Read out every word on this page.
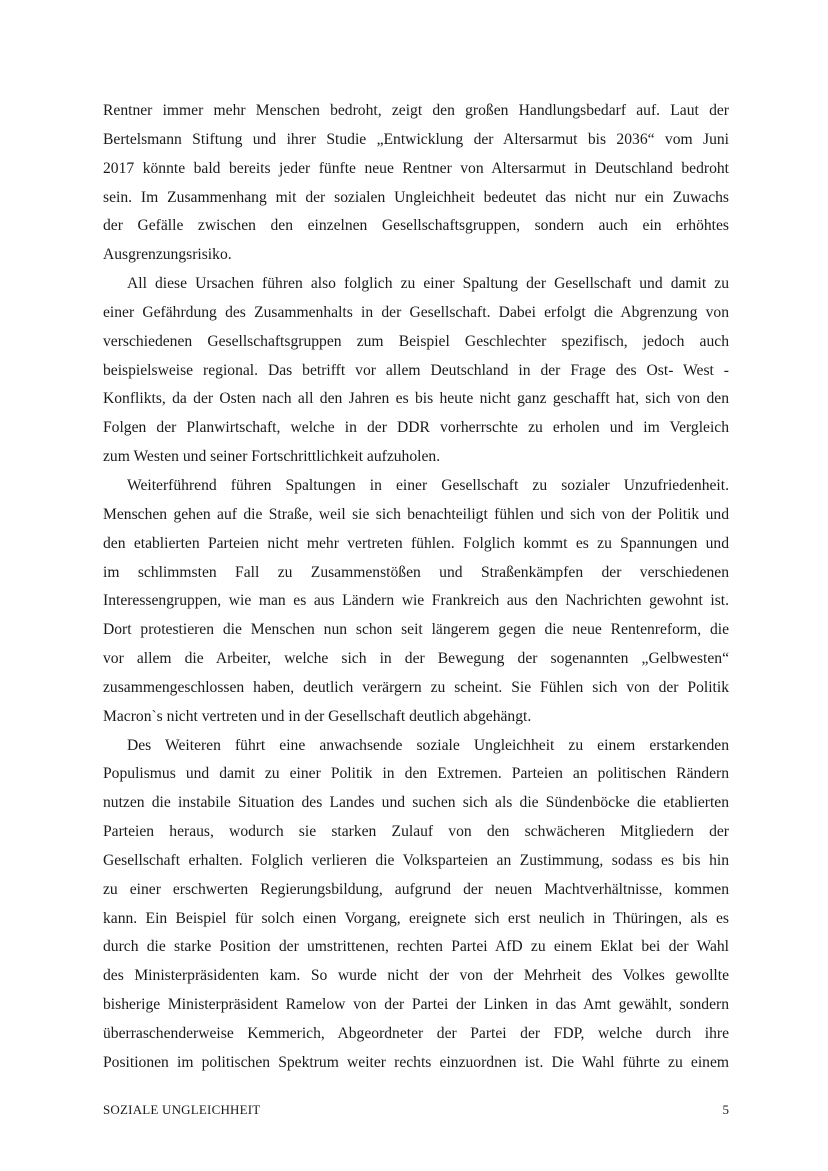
Rentner immer mehr Menschen bedroht, zeigt den großen Handlungsbedarf auf. Laut der
Bertelsmann Stiftung und ihrer Studie „Entwicklung der Altersarmut bis 2036“ vom Juni
2017 könnte bald bereits jeder fünfte neue Rentner von Altersarmut in Deutschland bedroht
sein. Im Zusammenhang mit der sozialen Ungleichheit bedeutet das nicht nur ein Zuwachs
der Gefälle zwischen den einzelnen Gesellschaftsgruppen, sondern auch ein erhöhtes
Ausgrenzungsrisiko.
All diese Ursachen führen also folglich zu einer Spaltung der Gesellschaft und damit zu
einer Gefährdung des Zusammenhalts in der Gesellschaft. Dabei erfolgt die Abgrenzung von
verschiedenen Gesellschaftsgruppen zum Beispiel Geschlechter spezifisch, jedoch auch
beispielsweise regional. Das betrifft vor allem Deutschland in der Frage des Ost- West -
Konflikts, da der Osten nach all den Jahren es bis heute nicht ganz geschafft hat, sich von den
Folgen der Planwirtschaft, welche in der DDR vorherrschte zu erholen und im Vergleich
zum Westen und seiner Fortschrittlichkeit aufzuholen.
Weiterführend führen Spaltungen in einer Gesellschaft zu sozialer Unzufriedenheit.
Menschen gehen auf die Straße, weil sie sich benachteiligt fühlen und sich von der Politik und
den etablierten Parteien nicht mehr vertreten fühlen. Folglich kommt es zu Spannungen und
im schlimmsten Fall zu Zusammenstößen und Straßenkämpfen der verschiedenen
Interessengruppen, wie man es aus Ländern wie Frankreich aus den Nachrichten gewohnt ist.
Dort protestieren die Menschen nun schon seit längerem gegen die neue Rentenreform, die
vor allem die Arbeiter, welche sich in der Bewegung der sogenannten „Gelbwesten“
zusammengeschlossen haben, deutlich verärgern zu scheint. Sie Fühlen sich von der Politik
Macron`s nicht vertreten und in der Gesellschaft deutlich abgehängt.
Des Weiteren führt eine anwachsende soziale Ungleichheit zu einem erstarkenden
Populismus und damit zu einer Politik in den Extremen. Parteien an politischen Rändern
nutzen die instabile Situation des Landes und suchen sich als die Sündenböcke die etablierten
Parteien heraus, wodurch sie starken Zulauf von den schwächeren Mitgliedern der
Gesellschaft erhalten. Folglich verlieren die Volksparteien an Zustimmung, sodass es bis hin
zu einer erschwerten Regierungsbildung, aufgrund der neuen Machtverhältnisse, kommen
kann. Ein Beispiel für solch einen Vorgang, ereignete sich erst neulich in Thüringen, als es
durch die starke Position der umstrittenen, rechten Partei AfD zu einem Eklat bei der Wahl
des Ministerpräsidenten kam. So wurde nicht der von der Mehrheit des Volkes gewollte
bisherige Ministerpräsident Ramelow von der Partei der Linken in das Amt gewählt, sondern
überraschenderweise Kemmerich, Abgeordneter der Partei der FDP, welche durch ihre
Positionen im politischen Spektrum weiter rechts einzuordnen ist. Die Wahl führte zu einem
SOZIALE UNGLEICHHEIT	5
